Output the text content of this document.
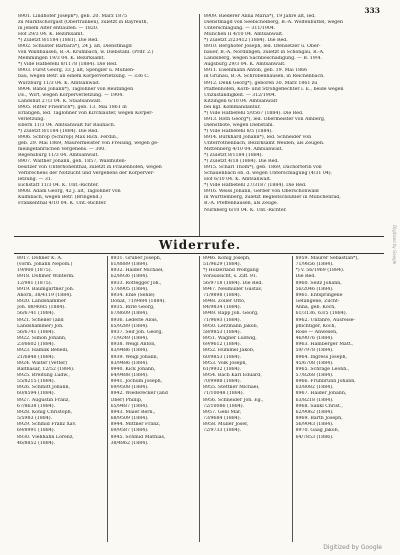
333
8901. Lindhofer Joseph*), geb. 20. März 1875
zu Marktschorgast (Oberfranken), zuletzt in Bayreuth,
in jenem Alter entlaufen. — 1820.
Hof 29/3 04. K. Bezirksamt.
*) Zuletzt 8/1184 (1881). Die Red.
8902. Schuster Barbara*), 24 J. alt, Dienstmagd
von Waldhausen, B.-A. Krumbach, w. Diebstahl. (Prdr. 2.)
Memmingen 19/3 04. K. Bezirksamt.
*) Vide Hafbefehl 8/1178 (1884). Die Red.
8903. Fürst Georg, 33 J. alt, Spengler u. Mühlen-
bau, wegen Betr. an einem Körperverletzung. — 336 C.
Würzburg 11/3 04. K. Amtsanwalt.
8904. Banol Johann*), Taglöhner von Reutlingen
i/E., Wirt, wegen Körperverletzung. — 1904.
Landshut 27/3 04. K. Staatsanwalt.
8905. Ritter Friedrich*), geb. 13. Mai 1861 in
Erlangen, led. Taglöhner von Kirchlauter, wegen Körper-
verletzung.
Ebern 11/3 04. Amtsanwalt für Baunach.
*) Zuletzt 8/1184 (1884). Die Red.
8906. Schrop (Schirop) Max Rich. Ferdin.,
geb. 29. Mai 1869, Maurermeister von Freising, wegen ge-
meingefährlichen Vergehens. — 300.
Regensburg 11/3 04. Amtsanwalt.
8907. Walther Johann, geb. 1857, Waldhüten-
besitzer von Unterhöhenthal, zuletzt in Frauenhöfen, wegen
Verbrechens der Notzucht und Vergehens der Körperver-
letzung. — 31.
Eichstätt 11/3 04. K. Unt.-Richter.
8908. Adam Georg, 42 J. alt, Taglöhner von
Kulmbach, wegen Betr. (Bringend.)
Frankenthal 4/10 04. K. Unt.-Richter.
8909. Riederer Anna Maria*), 19 Jahre alt, led.
Dienstmagd von Seebichelberg, B.-A. Wolfenbüttel, wegen
Unterschlagung. — 311/1904.
München II 4/10 04. Amtsanwalt.
*) Zuletzt 2/23412 (1884). Die Red.
8910. Berghofer Joseph, led. Ofensetzer u. Ober-
bauer, B.-A. Nördlingen, zuletzt in Schongau, B.-A.
Landsberg, wegen Sachbeschädigung. — B. 19/4.
Augsburg 29/3 04. K. Amtsanwalt.
8911. Eisenmann Anton, geb. 19. Mai 1866
in Grünau, B.-A. Schrobenhausen, in Reichenbach.
8912. Denk Georg*), geboren 30. März 1861 zu
Pfaffenhofen, Korb- und Strohgeflechter i. E., beide wegen
Unzuständigkeit. — 312/1904.
Kitzingen 6/10 04. Amtsanwalt
bei kgl. Kommandantur.
*) Vide Hafbefehl 5/0567 (1884). Die Red.
8913. Roth Georg*), led. Obermeister von Amberg,
Dienstbote, wegen Diebstahl.
*) Vide Hafbefehl 8/5 (1884).
8914. Burkhard Johann*), led. Schneider von
Unterrothenbach, Bezirksamt Weiden, als Zeugen.
Mittenberg 4/10 04. Amtsanwalt.
*) Zuletzt 8/1184 (1884).
*) Zuletzt 4/18 (1884). Die Red.
8915. Scharl Thom*), geb. 1869, Dachorterin von
Schauenbach ob. d. wegen Unterschlagung (4/31 04).
Hof 6/10 04. K. Amtsanwalt.
*) Vide Hafbefehl 27/3187 (1884). Die Red.
8916. Weiss Johann, Gerber von Oberschönwald
in Württemberg, zuletzt Begleitschlüßler in Münchenrad,
B.-A. Pfeffenhausen, als Zeuge.
Nürnberg 6/10 04. K. Unt.-Richter.
Widerrufe.
8917. Dohner K. A.
(vorm. Johann Nepom.)
19/900 (1875).
8918. Dohmer Winterm.
12/981 (1875).
8919. Baumgärtner Joh.
Ahorn, 38/4119 (1884).
8920. Landshammer
Joh. 88/4085 (1884).
56/6741 (1884).
8921. Scheller (and
Landshammer) Joh.
56/6741 (1884).
8922. Simon Johann,
23/6602 (1884).
8923. Hamlik Benedi,
21/6848 (1884).
8924. Walter (Vetter)
Balthasar, 12/52 (1884).
8925. Breitung Ludw.,
55/8215 (1884).
8926. Schmitt Johann,
60/8594 (1884).
8927. Augustin Franz,
67/8638 (1884).
8928. König Christoph,
5/5983 (1884).
8929. Schmid Franz Xav.
69/8991 (1884).
8930. Viehhahn Lorenz,
46/8852 (1884).
8931. Gruber Joseph,
61/8889 (1884).
8932. Haider Michael,
62/8936 (1884).
8933. Rottegger Joh.,
57/8905 (1884).
8934. Ehle (Sehle)
Donat, 71/9484 (1884).
8935. Birle Georg,
67/8609 (1884).
8936. Lederle Alois,
65/9289 (1884).
8937. Seif Joh. Georg,
71/9249 (1884).
8938. Weigl Anton,
83/9486 (1884).
8939. Weigl Johann,
83/9486 (1884).
8940. Kick Johann,
64/9488 (1884).
8941. Jochum Joseph,
69/9508 (1884).
8942. Wiederecker (and
Ober) Phillip,
65/9487 (1884).
8943. Maier Bern.,
68/9509 (1884).
8944. Mittner Franz,
69/9587 (1884).
8945. Schmid Mathias,
38/4862 (1884).
8946. König Joseph,
51/9629 (1884).
*) Hölzerland Wolfgang
Voraussicht, s. Ziff. 91.
56/9718 (1884). Die Red.
8947. Neumüller Gustav,
71/9898 (1884).
8948. Zoller Otto,
84/9834 (1884).
8949. Rapp Joh. Georg,
71/9693 (1884).
8950. Lerzmann Jakob,
58/9853 (1884).
8951. Wagner Ludwig,
69/9612 (1884).
8952. Hummel Jakob,
60/9853 (1884).
8953. Volk Joseph,
61/9932 (1884).
8954. Bach Karl Eduard,
70/9988 (1884).
8955. Stettner Michael,
71/10048 (1884).
8956. Schneider Joh. Eg.,
72/10086 (1884).
8957. Gebl Mar,
73/9684 (1884).
8958. Müller Josef,
72/9733 (1884).
8959. Maurer Sebastian*),
71/9856 (1884).
*) v. 56/1969 (1884).
Die Red.
8960. Seitz Johann,
56/2046 (1884).
8961. Entspringene
Gefangene, Zucht-
Anna, geb. Koch,
61/3136, 63/5 (1884).
8962. Unfähre, Ausreise-
pflichtiger, Koch,
Rose — Anwesen,
46/9076 (1884).
8963. Hamberger Matt.,
59/7978 (1884).
8964. Ingress Joseph,
45/6708 (1884).
8965. Schrage Leonh.,
57/8268 (1884).
8966. Frühbrunn Johann,
63/8082 (1884).
8967. Haider Johann,
63/8218 (1884).
8968. Sankl Christ.,
62/9062 (1884).
8969. Barth Joseph,
56/9043 (1884).
8970. Gaag Jakob,
64/7853 (1886).
Digitized by Google
Digitized by Google
